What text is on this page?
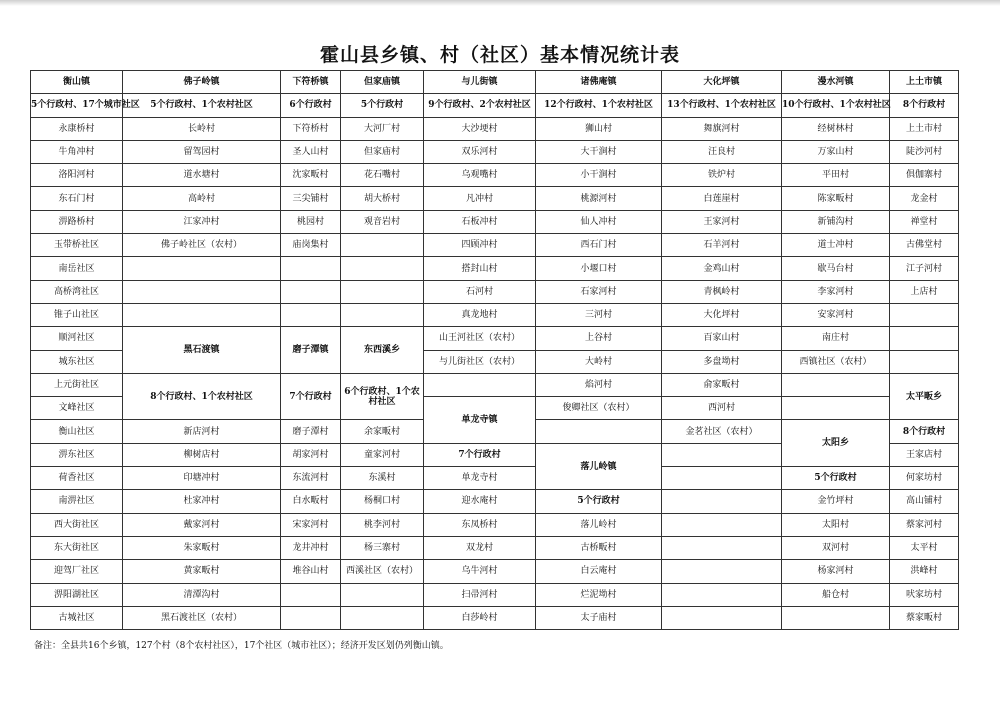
霍山县乡镇、村（社区）基本情况统计表
衡山镇	佛子岭镇	下符桥镇	但家庙镇	与儿街镇	诸佛庵镇	大化坪镇	漫水河镇	上土市镇
5个行政村、17个城市社区	5个行政村、1个农村社区	6个行政村	5个行政村	9个行政村、2个农村社区	12个行政村、1个农村社区	13个行政村、1个农村社区	10个行政村、1个农村社区	8个行政村
永康桥村	长岭村	下符桥村	大河厂村	大沙埂村	狮山村	舞旗河村	经树林村	上土市村
牛角冲村	留驾园村	圣人山村	但家庙村	双乐河村	大干涧村	汪良村	万家山村	陡沙河村
洛阳河村	道水塘村	沈家畈村	花石嘴村	乌观嘴村	小干涧村	铁炉村	平田村	俱伽寨村
东石门村	高岭村	三尖铺村	胡大桥村	凡冲村	桃源河村	白莲崖村	陈家畈村	龙金村
淠路桥村	江家冲村	桃园村	观音岩村	石板冲村	仙人冲村	王家河村	新铺沟村	禅堂村
玉带桥社区	佛子岭社区（农村）	庙岗集村		四顾冲村	西石门村	石羊河村	道士冲村	古佛堂村
南岳社区				搭封山村	小堰口村	金鸡山村	歇马台村	江子河村
高桥湾社区				石河村	石家河村	青枫岭村	李家河村	上店村
锥子山社区				真龙地村	三河村	大化坪村	安家河村	
顺河社区	黑石渡镇	磨子潭镇	东西溪乡	山王河社区（农村）	上谷村	百家山村	南庄村	
城东社区				与儿街社区（农村）	大岭村	多盘坳村	西镇社区（农村）	
上元街社区	8个行政村、1个农村社区	7个行政村	6个行政村、1个农村社区		焰河村	俞家畈村		太平畈乡
文峰社区				单龙寺镇	俊卿社区（农村）	西河村		
衡山社区	新店河村	磨子潭村	余家畈村			金茗社区（农村）	太阳乡	8个行政村
淠东社区	柳树店村	胡家河村	童家河村	7个行政村	落儿岭镇			王家店村
荷香社区	印塘冲村	东流河村	东溪村	单龙寺村			5个行政村	何家坊村
南淠社区	杜家冲村	白水畈村	杨桐口村	迎水庵村	5个行政村		金竹坪村	高山铺村
西大街社区	戴家河村	宋家河村	桃李河村	东凤桥村	落儿岭村		太阳村	蔡家河村
东大街社区	朱家畈村	龙井冲村	杨三寨村	双龙村	古桥畈村		双河村	太平村
迎驾厂社区	黄家畈村	堆谷山村	西溪社区（农村）	乌牛河村	白云庵村		杨家河村	洪峰村
淠阳湖社区	清潭沟村			扫帚河村	烂泥坳村		船仓村	吠家坊村
古城社区	黑石渡社区（农村）			白莎岭村	太子庙村			蔡家畈村
备注：全县共16个乡镇，127个村（8个农村社区），17个社区（城市社区）；经济开发区划仍列衡山镇。
